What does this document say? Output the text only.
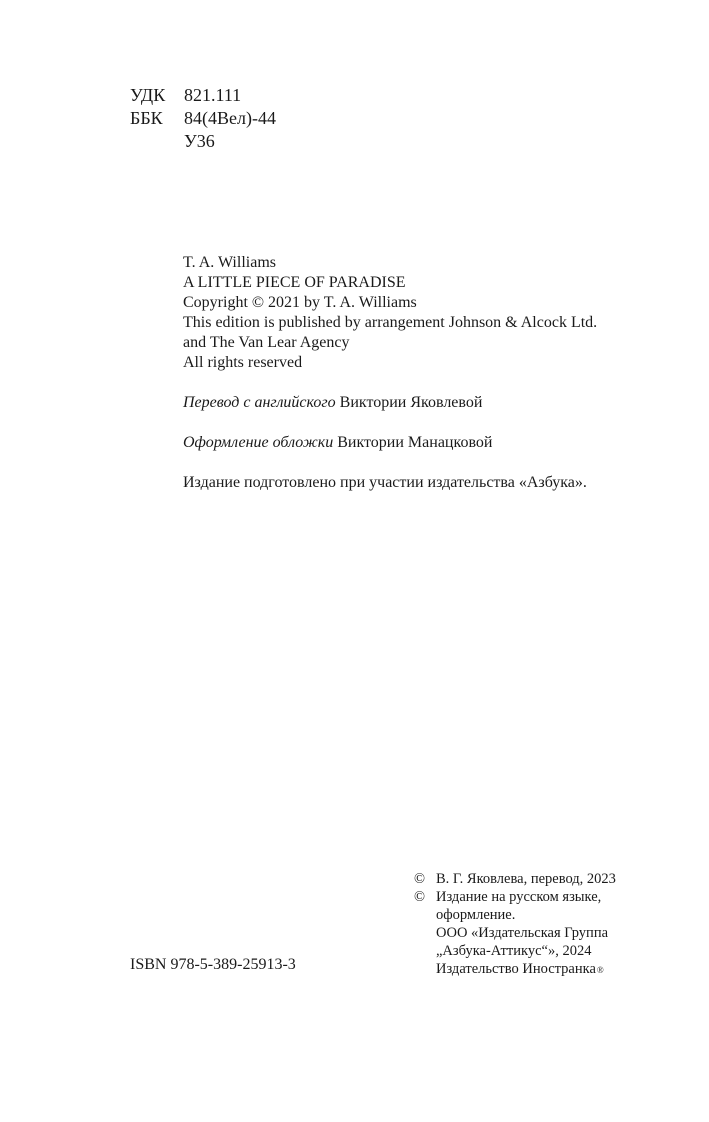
УДК	821.111
ББК	84(4Вел)-44
У36
T. A. Williams
A LITTLE PIECE OF PARADISE
Copyright © 2021 by T. A. Williams
This edition is published by arrangement Johnson & Alcock Ltd.
and The Van Lear Agency
All rights reserved
Перевод с английского Виктории Яковлевой
Оформление обложки Виктории Манацковой
Издание подготовлено при участии издательства «Азбука».
ISBN 978-5-389-25913-3
© В. Г. Яковлева, перевод, 2023
© Издание на русском языке,
оформление.
ООО «Издательская Группа
„Азбука-Аттикус“», 2024
Издательство Иностранка®
